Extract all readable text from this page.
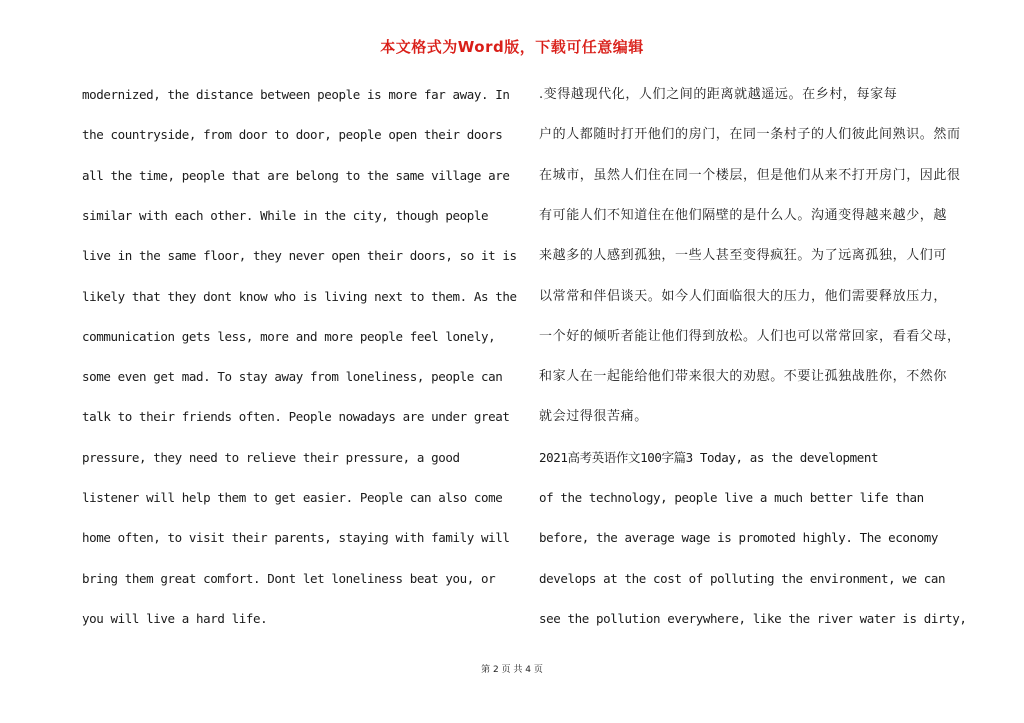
本文格式为Word版，下载可任意编辑
modernized, the distance between people is more far away. In
the countryside, from door to door, people open their doors
all the time, people that are belong to the same village are
similar with each other. While in the city, though people
live in the same floor, they never open their doors, so it is
likely that they dont know who is living next to them. As the
communication gets less, more and more people feel lonely,
some even get mad. To stay away from loneliness, people can
talk to their friends often. People nowadays are under great
pressure, they need to relieve their pressure, a good
listener will help them to get easier. People can also come
home often, to visit their parents, staying with family will
bring them great comfort. Dont let loneliness beat you, or
you will live a hard life.
.变得越现代化，人们之间的距离就越遥远。在乡村，每家每
户的人都随时打开他们的房门，在同一条村子的人们彼此间熟识。然而
在城市，虽然人们住在同一个楼层，但是他们从来不打开房门，因此很
有可能人们不知道住在他们隔壁的是什么人。沟通变得越来越少，越
来越多的人感到孤独，一些人甚至变得疯狂。为了远离孤独，人们可
以常常和伴侣谈天。如今人们面临很大的压力，他们需要释放压力，
一个好的倾听者能让他们得到放松。人们也可以常常回家，看看父母，
和家人在一起能给他们带来很大的劝慰。不要让孤独战胜你，不然你
就会过得很苦痛。
2021高考英语作文100字篇3 Today, as the development
of the technology, people live a much better life than
before, the average wage is promoted highly. The economy
develops at the cost of polluting the environment, we can
see the pollution everywhere, like the river water is dirty,
第 2 页 共 4 页
